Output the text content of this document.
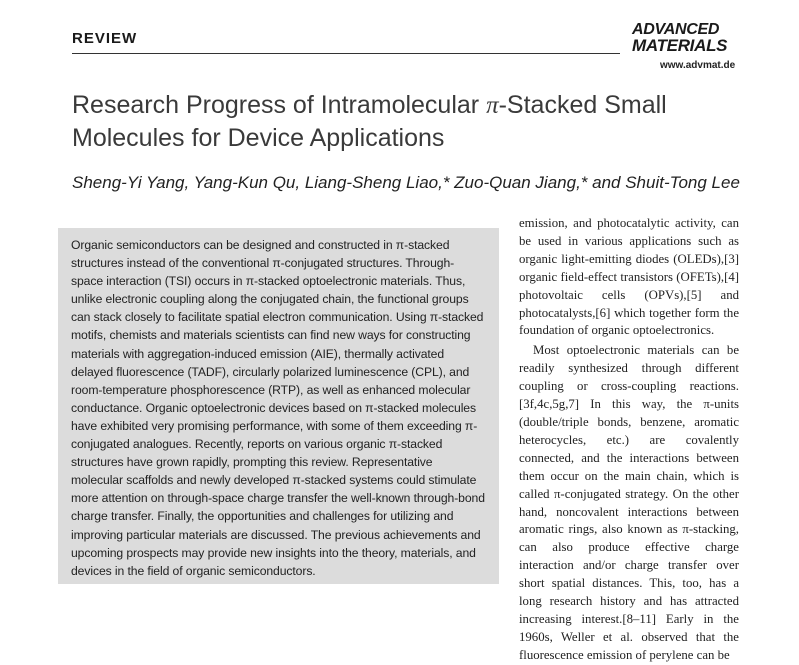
REVIEW
ADVANCED
MATERIALS
www.advmat.de
Research Progress of Intramolecular π-Stacked Small Molecules for Device Applications
Sheng-Yi Yang, Yang-Kun Qu, Liang-Sheng Liao,* Zuo-Quan Jiang,* and Shuit-Tong Lee

Organic semiconductors can be designed and constructed in π-stacked structures instead of the conventional π-conjugated structures. Through-space interaction (TSI) occurs in π-stacked optoelectronic materials. Thus, unlike electronic coupling along the conjugated chain, the functional groups can stack closely to facilitate spatial electron communication. Using π-stacked motifs, chemists and materials scientists can find new ways for constructing materials with aggregation-induced emission (AIE), thermally activated delayed fluorescence (TADF), circularly polarized luminescence (CPL), and room-temperature phosphorescence (RTP), as well as enhanced molecular conductance. Organic optoelectronic devices based on π-stacked molecules have exhibited very promising performance, with some of them exceeding π-conjugated analogues. Recently, reports on various organic π-stacked structures have grown rapidly, prompting this review. Representative molecular scaffolds and newly developed π-stacked systems could stimulate more attention on through-space charge transfer the well-known through-bond charge transfer. Finally, the opportunities and challenges for utilizing and improving particular materials are discussed. The previous achievements and upcoming prospects may provide new insights into the theory, materials, and devices in the field of organic semiconductors.

emission, and photocatalytic activity, can be used in various applications such as organic light-emitting diodes (OLEDs),[3] organic field-effect transistors (OFETs),[4] photovoltaic cells (OPVs),[5] and photocatalysts,[6] which together form the foundation of organic optoelectronics.

Most optoelectronic materials can be readily synthesized through different coupling or cross-coupling reactions.[3f,4c,5g,7] In this way, the π-units (double/triple bonds, benzene, aromatic heterocycles, etc.) are covalently connected, and the interactions between them occur on the main chain, which is called π-conjugated strategy. On the other hand, noncovalent interactions between aromatic rings, also known as π-stacking, can also produce effective charge interaction and/or charge transfer over short spatial distances. This, too, has a long research history and has attracted increasing interest.[8–11] Early in the 1960s, Weller et al. observed that the fluorescence emission of perylene can be
